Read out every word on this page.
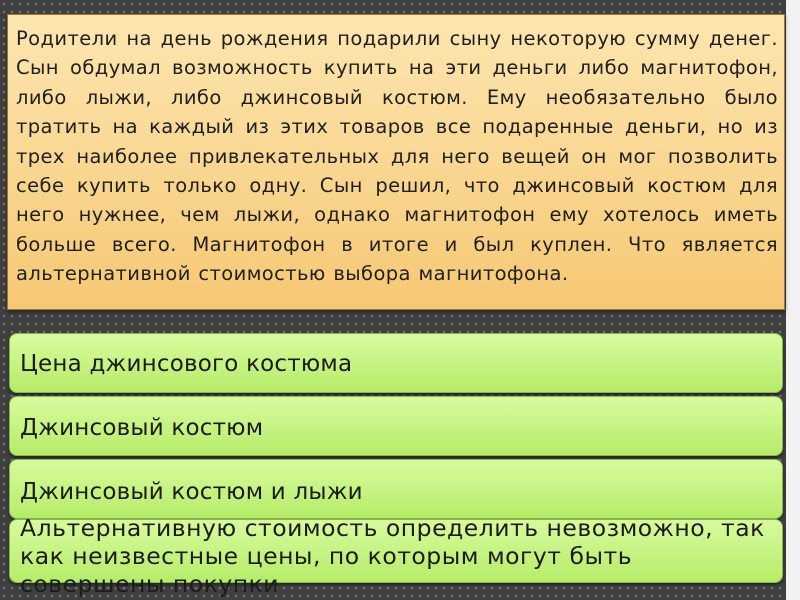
Родители на день рождения подарили сыну некоторую сумму денег. Сын обдумал возможность купить на эти деньги либо магнитофон, либо лыжи, либо джинсовый костюм. Ему необязательно было тратить на каждый из этих товаров все подаренные деньги, но из трех наиболее привлекательных для него вещей он мог позволить себе купить только одну. Сын решил, что джинсовый костюм для него нужнее, чем лыжи, однако магнитофон ему хотелось иметь больше всего. Магнитофон в итоге и был куплен. Что является альтернативной стоимостью выбора магнитофона.

Цена джинсового костюма
Джинсовый костюм
Джинсовый костюм и лыжи
Альтернативную стоимость определить невозможно, так как неизвестные цены, по которым могут быть совершены покупки
